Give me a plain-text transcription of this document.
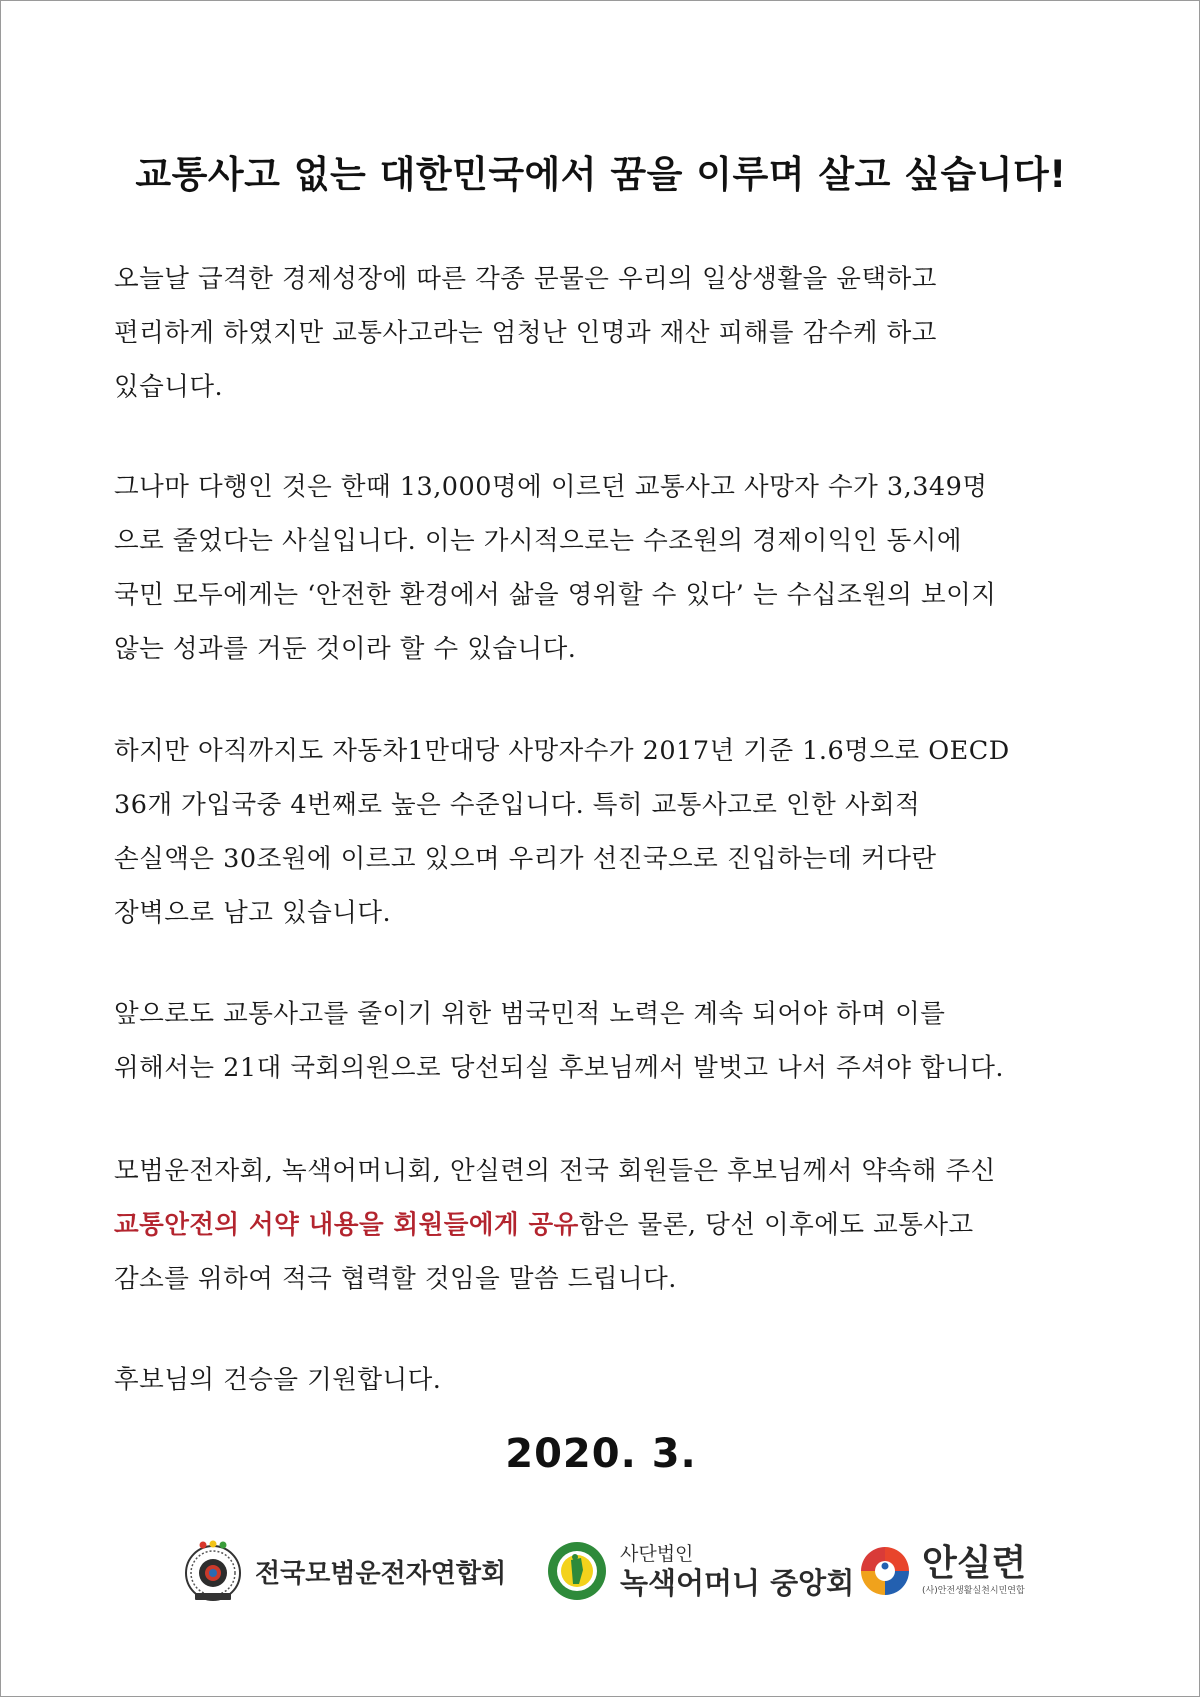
교통사고 없는 대한민국에서 꿈을 이루며 살고 싶습니다!

오늘날 급격한 경제성장에 따른 각종 문물은 우리의 일상생활을 윤택하고
편리하게 하였지만 교통사고라는 엄청난 인명과 재산 피해를 감수케 하고
있습니다.

그나마 다행인 것은 한때 13,000명에 이르던 교통사고 사망자 수가 3,349명
으로 줄었다는 사실입니다. 이는 가시적으로는 수조원의 경제이익인 동시에
국민 모두에게는 ‘안전한 환경에서 삶을 영위할 수 있다’ 는 수십조원의 보이지
않는 성과를 거둔 것이라 할 수 있습니다.

하지만 아직까지도 자동차1만대당 사망자수가 2017년 기준 1.6명으로 OECD
36개 가입국중 4번째로 높은 수준입니다. 특히 교통사고로 인한 사회적
손실액은 30조원에 이르고 있으며 우리가 선진국으로 진입하는데 커다란
장벽으로 남고 있습니다.

앞으로도 교통사고를 줄이기 위한 범국민적 노력은 계속 되어야 하며 이를
위해서는 21대 국회의원으로 당선되실 후보님께서 발벗고 나서 주셔야 합니다.

모범운전자회, 녹색어머니회, 안실련의 전국 회원들은 후보님께서 약속해 주신
교통안전의 서약 내용을 회원들에게 공유함은 물론, 당선 이후에도 교통사고
감소를 위하여 적극 협력할 것임을 말씀 드립니다.

후보님의 건승을 기원합니다.

2020. 3.
전국모범운전자연합회
사단법인
녹색어머니 중앙회 안실련
(사)안전생활실천시민연합
